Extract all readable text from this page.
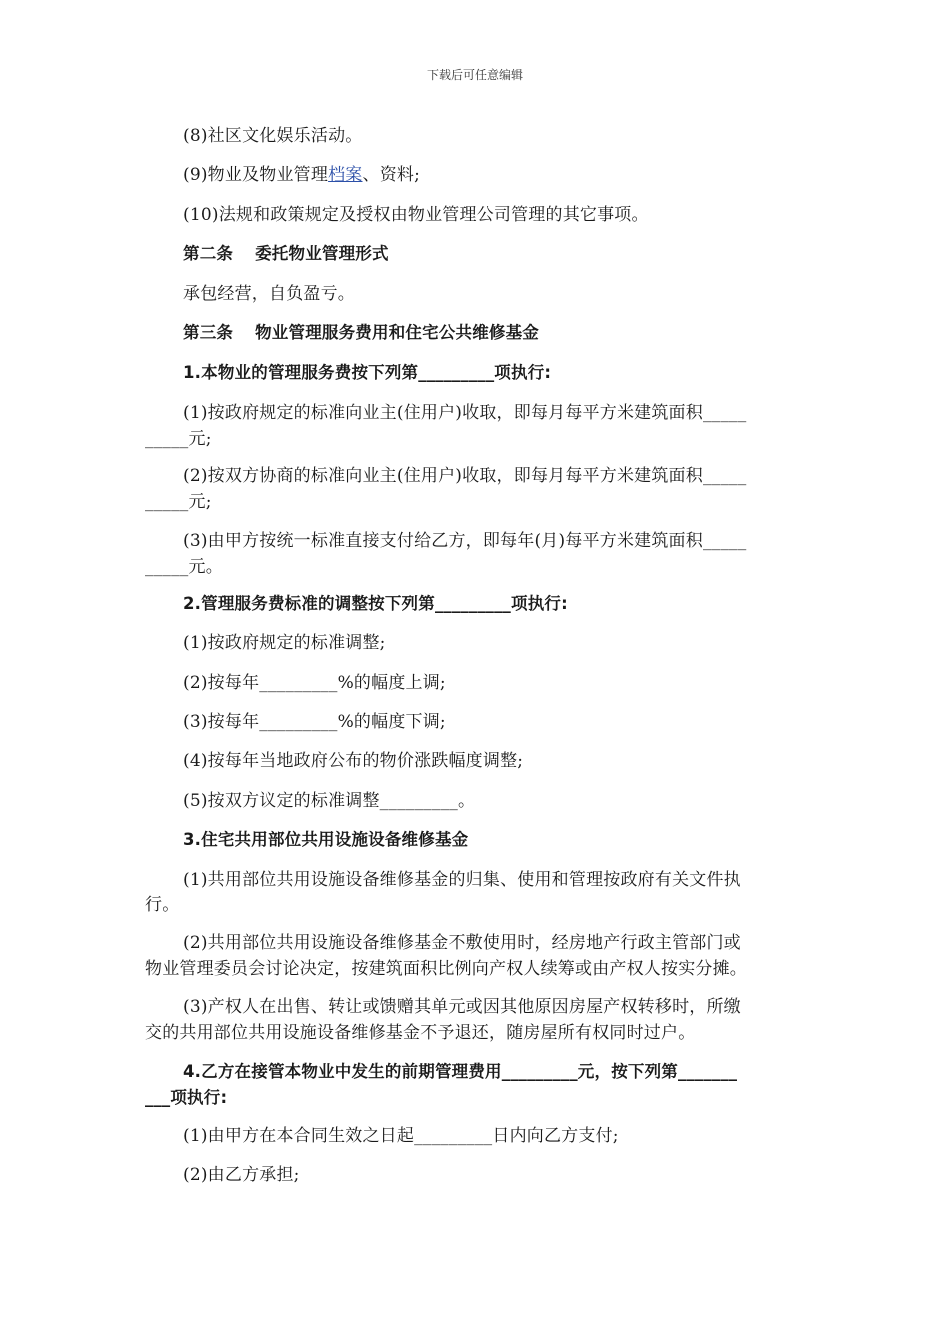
下载后可任意编辑
(8)社区文化娱乐活动。
(9)物业及物业管理档案、资料;
(10)法规和政策规定及授权由物业管理公司管理的其它事项。
第二条 委托物业管理形式
承包经营，自负盈亏。
第三条 物业管理服务费用和住宅公共维修基金
1.本物业的管理服务费按下列第_________项执行:
(1)按政府规定的标准向业主(住用户)收取，即每月每平方米建筑面积_____
_____元;
(2)按双方协商的标准向业主(住用户)收取，即每月每平方米建筑面积_____
_____元;
(3)由甲方按统一标准直接支付给乙方，即每年(月)每平方米建筑面积_____
_____元。
2.管理服务费标准的调整按下列第_________项执行:
(1)按政府规定的标准调整;
(2)按每年_________%的幅度上调;
(3)按每年_________%的幅度下调;
(4)按每年当地政府公布的物价涨跌幅度调整;
(5)按双方议定的标准调整_________。
3.住宅共用部位共用设施设备维修基金
(1)共用部位共用设施设备维修基金的归集、使用和管理按政府有关文件执
行。
(2)共用部位共用设施设备维修基金不敷使用时，经房地产行政主管部门或
物业管理委员会讨论决定，按建筑面积比例向产权人续筹或由产权人按实分摊。
(3)产权人在出售、转让或馈赠其单元或因其他原因房屋产权转移时，所缴
交的共用部位共用设施设备维修基金不予退还，随房屋所有权同时过户。
4.乙方在接管本物业中发生的前期管理费用_________元，按下列第_______
___项执行:
(1)由甲方在本合同生效之日起_________日内向乙方支付;
(2)由乙方承担;
